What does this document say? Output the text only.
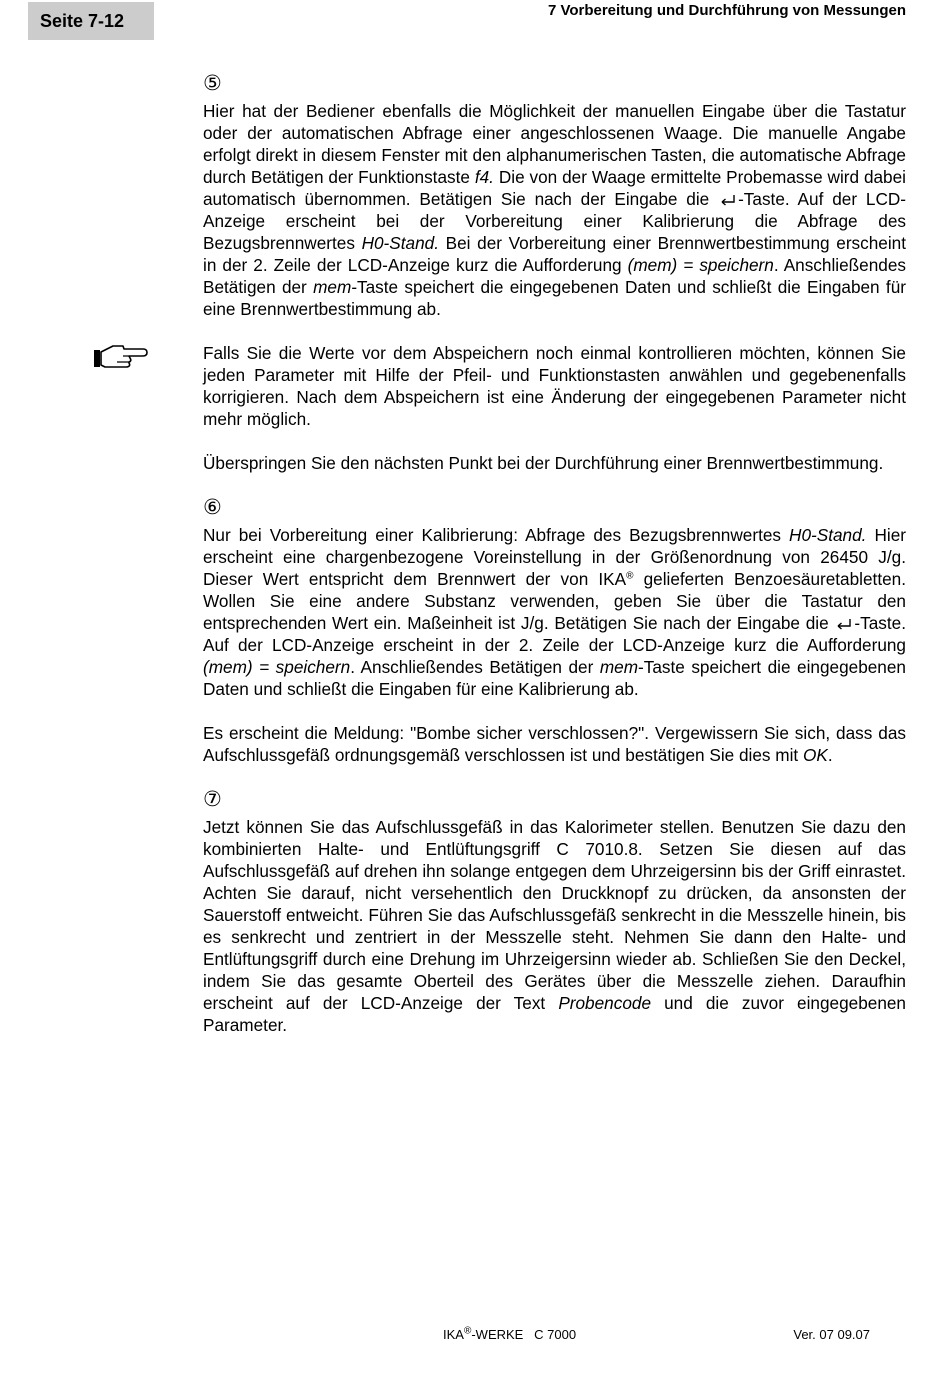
Seite 7-12
7 Vorbereitung und Durchführung von Messungen
⑤

Hier hat der Bediener ebenfalls die Möglichkeit der manuellen Eingabe über die Tastatur oder der automatischen Abfrage einer angeschlossenen Waage. Die manuelle Angabe erfolgt direkt in diesem Fenster mit den alphanumerischen Tasten, die automatische Abfrage durch Betätigen der Funktionstaste f4. Die von der Waage ermittelte Probemasse wird dabei automatisch übernommen. Betätigen Sie nach der Eingabe die -Taste. Auf der LCD-Anzeige erscheint bei der Vorbereitung einer Kalibrierung die Abfrage des Bezugsbrennwertes H0-Stand. Bei der Vorbereitung einer Brennwertbestimmung erscheint in der 2. Zeile der LCD-Anzeige kurz die Aufforderung (mem) = speichern. Anschließendes Betätigen der mem-Taste speichert die eingegebenen Daten und schließt die Eingaben für eine Brennwertbestimmung ab.

Falls Sie die Werte vor dem Abspeichern noch einmal kontrollieren möchten, können Sie jeden Parameter mit Hilfe der Pfeil- und Funktionstasten anwählen und gegebenenfalls korrigieren. Nach dem Abspeichern ist eine Änderung der eingegebenen Parameter nicht mehr möglich.

Überspringen Sie den nächsten Punkt bei der Durchführung einer Brennwertbestimmung.

⑥

Nur bei Vorbereitung einer Kalibrierung: Abfrage des Bezugsbrennwertes H0-Stand. Hier erscheint eine chargenbezogene Voreinstellung in der Größenordnung von 26450 J/g. Dieser Wert entspricht dem Brennwert der von IKA® gelieferten Benzoesäuretabletten. Wollen Sie eine andere Substanz verwenden, geben Sie über die Tastatur den entsprechenden Wert ein. Maßeinheit ist J/g. Betätigen Sie nach der Eingabe die -Taste. Auf der LCD-Anzeige erscheint in der 2. Zeile der LCD-Anzeige kurz die Aufforderung (mem) = speichern. Anschließendes Betätigen der mem-Taste speichert die eingegebenen Daten und schließt die Eingaben für eine Kalibrierung ab.

Es erscheint die Meldung: "Bombe sicher verschlossen?". Vergewissern Sie sich, dass das Aufschlussgefäß ordnungsgemäß verschlossen ist und bestätigen Sie dies mit OK.

⑦

Jetzt können Sie das Aufschlussgefäß in das Kalorimeter stellen. Benutzen Sie dazu den kombinierten Halte- und Entlüftungsgriff C 7010.8. Setzen Sie diesen auf das Aufschlussgefäß auf drehen ihn solange entgegen dem Uhrzeigersinn bis der Griff einrastet. Achten Sie darauf, nicht versehentlich den Druckknopf zu drücken, da ansonsten der Sauerstoff entweicht. Führen Sie das Aufschlussgefäß senkrecht in die Messzelle hinein, bis es senkrecht und zentriert in der Messzelle steht. Nehmen Sie dann den Halte- und Entlüftungsgriff durch eine Drehung im Uhrzeigersinn wieder ab. Schließen Sie den Deckel, indem Sie das gesamte Oberteil des Gerätes über die Messzelle ziehen. Daraufhin erscheint auf der LCD-Anzeige der Text Probencode und die zuvor eingegebenen Parameter.

IKA®-WERKE   C 7000	Ver. 07 09.07
